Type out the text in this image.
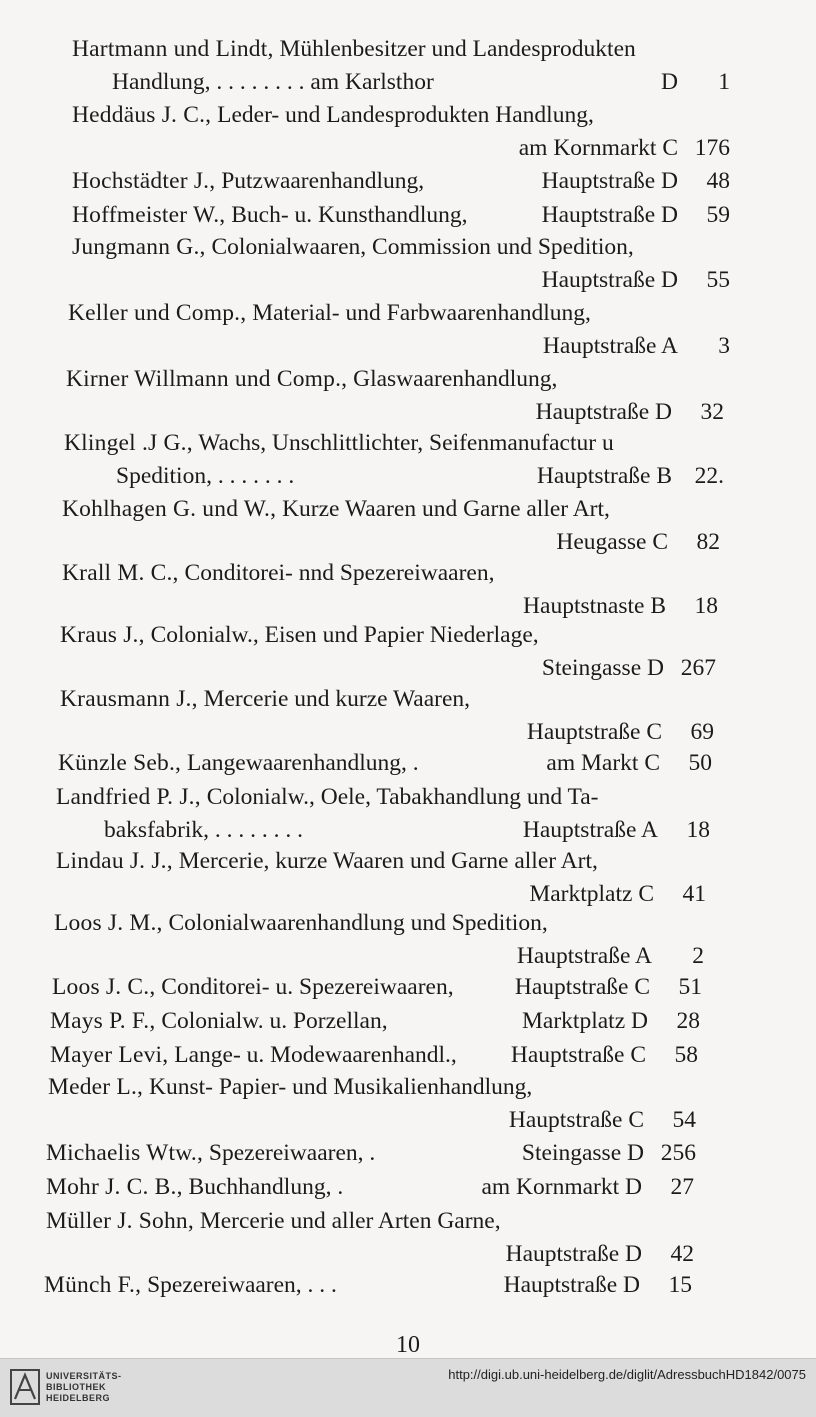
Hartmann und Lindt, Mühlenbesitzer und Landesprodukten
Handlung, . . . . . . . . am Karlsthor	D 1
Heddäus J. C., Leder- und Landesprodukten Handlung,
am Kornmarkt C 176
Hochstädter J., Putzwaarenhandlung,	Hauptstraße D 48
Hoffmeister W., Buch- u. Kunsthandlung,	Hauptstraße D 59
Jungmann G., Colonialwaaren, Commission und Spedition,
Hauptstraße D 55
Keller und Comp., Material- und Farbwaarenhandlung,
Hauptstraße A 3
Kirner Willmann und Comp., Glaswaarenhandlung,
Hauptstraße D 32
Klingel .J G., Wachs, Unschlittlichter, Seifenmanufactur u
Spedition, . . . . . . .	Hauptstraße B 22.
Kohlhagen G. und W., Kurze Waaren und Garne aller Art,
Heugasse C 82
Krall M. C., Conditorei- nnd Spezereiwaaren,
Hauptstnaste B 18
Kraus J., Colonialw., Eisen und Papier Niederlage,
Steingasse D 267
Krausmann J., Mercerie und kurze Waaren,
Hauptstraße C 69
Künzle Seb., Langewaarenhandlung, .	am Markt C 50
Landfried P. J., Colonialw., Oele, Tabakhandlung und Ta-
baksfabrik, . . . . . . . .	Hauptstraße A 18
Lindau J. J., Mercerie, kurze Waaren und Garne aller Art,
Marktplatz C 41
Loos J. M., Colonialwaarenhandlung und Spedition,
Hauptstraße A 2
Loos J. C., Conditorei- u. Spezereiwaaren,	Hauptstraße C 51
Mays P. F., Colonialw. u. Porzellan,	Marktplatz D 28
Mayer Levi, Lange- u. Modewaarenhandl., Hauptstraße C 58
Meder L., Kunst- Papier- und Musikalienhandlung,
Hauptstraße C 54
Michaelis Wtw., Spezereiwaaren, .	Steingasse D 256
Mohr J. C. B., Buchhandlung, .	am Kornmarkt D 27
Müller J. Sohn, Mercerie und aller Arten Garne,
Hauptstraße D 42
Münch F., Spezereiwaaren, . . .	Hauptstraße D 15
10
UNIVERSITÄTS-
BIBLIOTHEK
HEIDELBERG
http://digi.ub.uni-heidelberg.de/diglit/AdressbuchHD1842/0075
